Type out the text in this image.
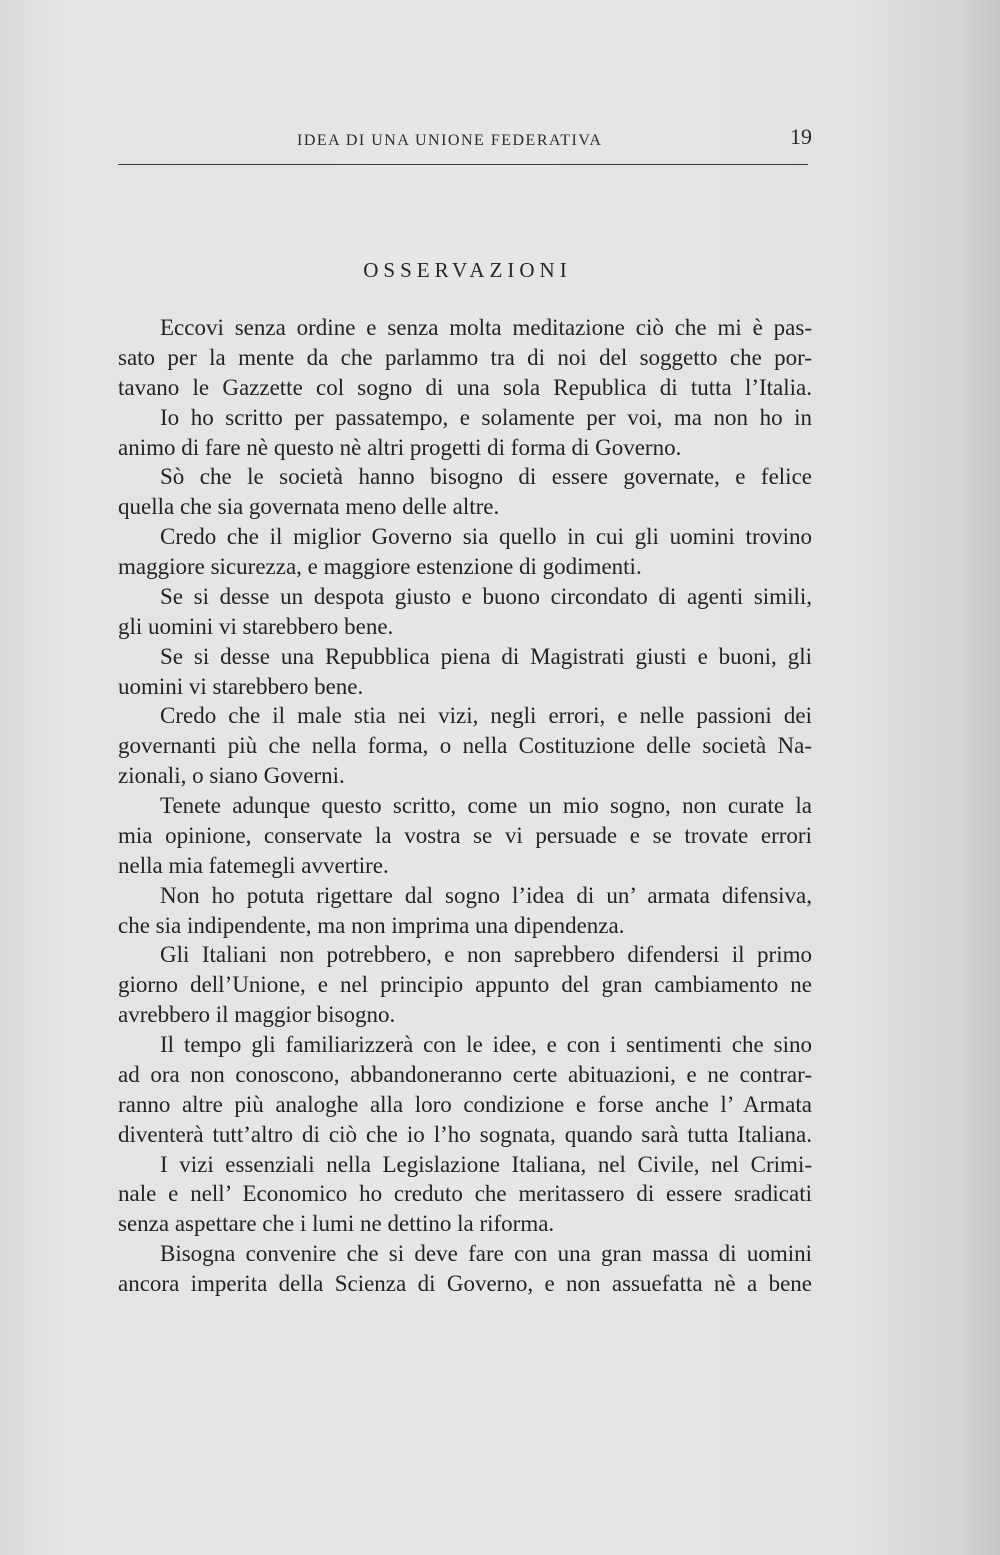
IDEA DI UNA UNIONE FEDERATIVA	19
OSSERVAZIONI
Eccovi senza ordine e senza molta meditazione ciò che mi è pas-
sato per la mente da che parlammo tra di noi del soggetto che por-
tavano le Gazzette col sogno di una sola Republica di tutta l’Italia.
Io ho scritto per passatempo, e solamente per voi, ma non ho in
animo di fare nè questo nè altri progetti di forma di Governo.
Sò che le società hanno bisogno di essere governate, e felice
quella che sia governata meno delle altre.
Credo che il miglior Governo sia quello in cui gli uomini trovino
maggiore sicurezza, e maggiore estenzione di godimenti.
Se si desse un despota giusto e buono circondato di agenti simili,
gli uomini vi starebbero bene.
Se si desse una Repubblica piena di Magistrati giusti e buoni, gli
uomini vi starebbero bene.
Credo che il male stia nei vizi, negli errori, e nelle passioni dei
governanti più che nella forma, o nella Costituzione delle società Na-
zionali, o siano Governi.
Tenete adunque questo scritto, come un mio sogno, non curate la
mia opinione, conservate la vostra se vi persuade e se trovate errori
nella mia fatemegli avvertire.
Non ho potuta rigettare dal sogno l’idea di un’ armata difensiva,
che sia indipendente, ma non imprima una dipendenza.
Gli Italiani non potrebbero, e non saprebbero difendersi il primo
giorno dell’Unione, e nel principio appunto del gran cambiamento ne
avrebbero il maggior bisogno.
Il tempo gli familiarizzerà con le idee, e con i sentimenti che sino
ad ora non conoscono, abbandoneranno certe abituazioni, e ne contrar-
ranno altre più analoghe alla loro condizione e forse anche l’ Armata
diventerà tutt’altro di ciò che io l’ho sognata, quando sarà tutta Italiana.
I vizi essenziali nella Legislazione Italiana, nel Civile, nel Crimi-
nale e nell’ Economico ho creduto che meritassero di essere sradicati
senza aspettare che i lumi ne dettino la riforma.
Bisogna convenire che si deve fare con una gran massa di uomini
ancora imperita della Scienza di Governo, e non assuefatta nè a bene
